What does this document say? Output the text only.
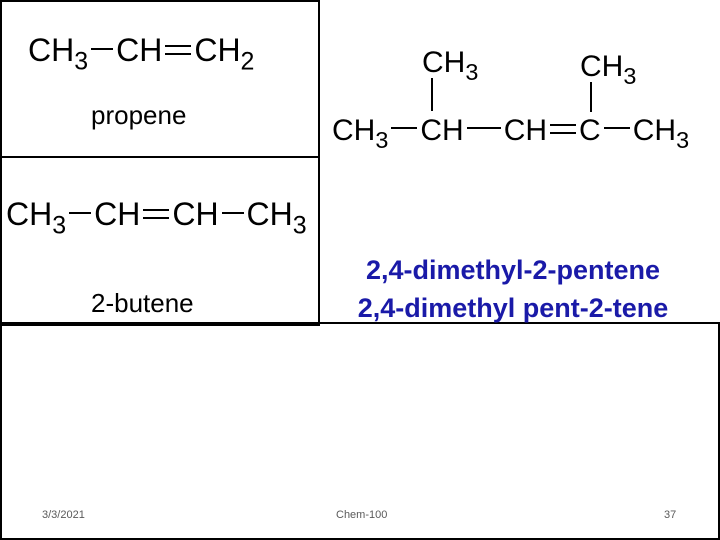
$CH_3$ CH $CH_2$
propene
$CH_3$ CH CH $CH_3$
2-butene
$CH_3$	$CH_3$
$CH_3$ CH CH C $CH_3$
2,4-dimethyl-2-pentene
2,4-dimethyl pent-2-tene
3/3/2021	Chem-100	37
